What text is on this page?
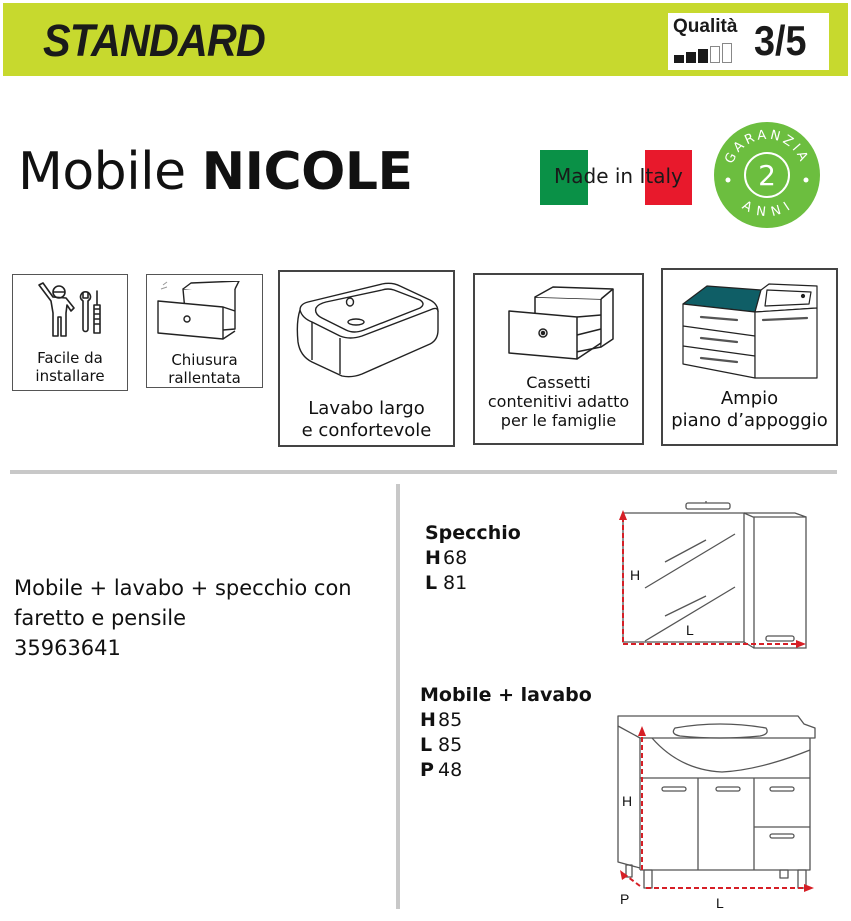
STANDARD	Qualità 3/5
Mobile NICOLE	Made in Italy
GARANZIA
ANNI
2
Facile da
installare
Chiusura
rallentata
Lavabo largo
e confortevole
Cassetti
contenitivi adatto
per le famiglie
Ampio
piano d’appoggio
Mobile + lavabo + specchio con
faretto e pensile
35963641
Specchio
H 68
L 81	H
L
Mobile + lavabo
H 85
L 85
P 48
H
L
P
